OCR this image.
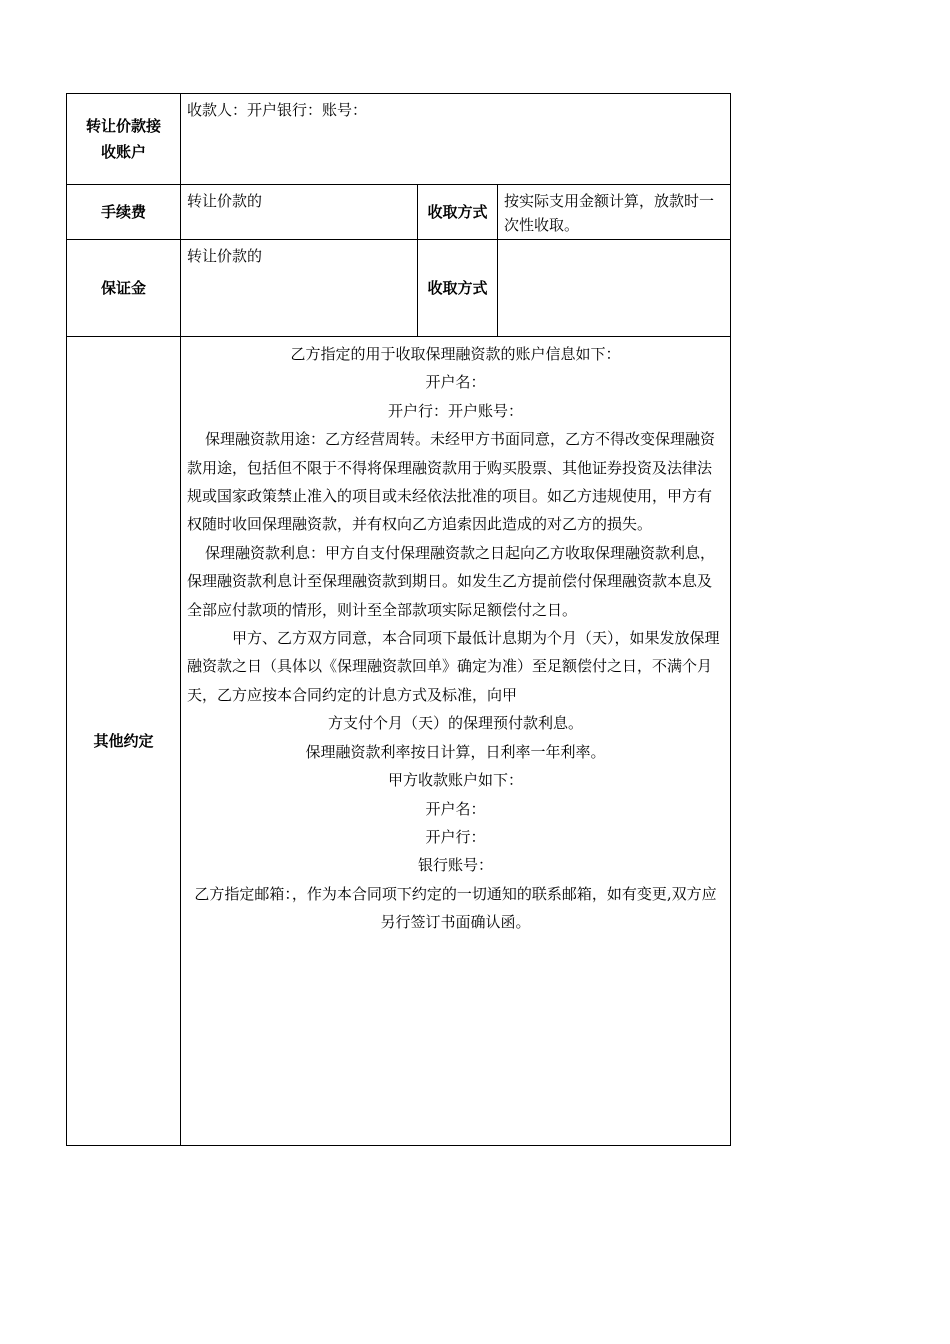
转让价款接收账户
收款人：开户银行：账号：
手续费
转让价款的
收取方式
按实际支用金额计算，放款时一次性收取。
保证金
转让价款的
收取方式
其他约定

乙方指定的用于收取保理融资款的账户信息如下：

开户名：

开户行：开户账号：

保理融资款用途：乙方经营周转。未经甲方书面同意，乙方不得改变保理融资款用途，包括但不限于不得将保理融资款用于购买股票、其他证券投资及法律法规或国家政策禁止准入的项目或未经依法批准的项目。如乙方违规使用，甲方有权随时收回保理融资款，并有权向乙方追索因此造成的对乙方的损失。

保理融资款利息：甲方自支付保理融资款之日起向乙方收取保理融资款利息，保理融资款利息计至保理融资款到期日。如发生乙方提前偿付保理融资款本息及全部应付款项的情形，则计至全部款项实际足额偿付之日。

甲方、乙方双方同意，本合同项下最低计息期为个月（天），如果发放保理融资款之日（具体以《保理融资款回单》确定为准）至足额偿付之日，不满个月天，乙方应按本合同约定的计息方式及标准，向甲

方支付个月（天）的保理预付款利息。

保理融资款利率按日计算，日利率一年利率。

甲方收款账户如下：

开户名：

开户行：

银行账号：

乙方指定邮箱：，作为本合同项下约定的一切通知的联系邮箱，如有变更,双方应另行签订书面确认函。
